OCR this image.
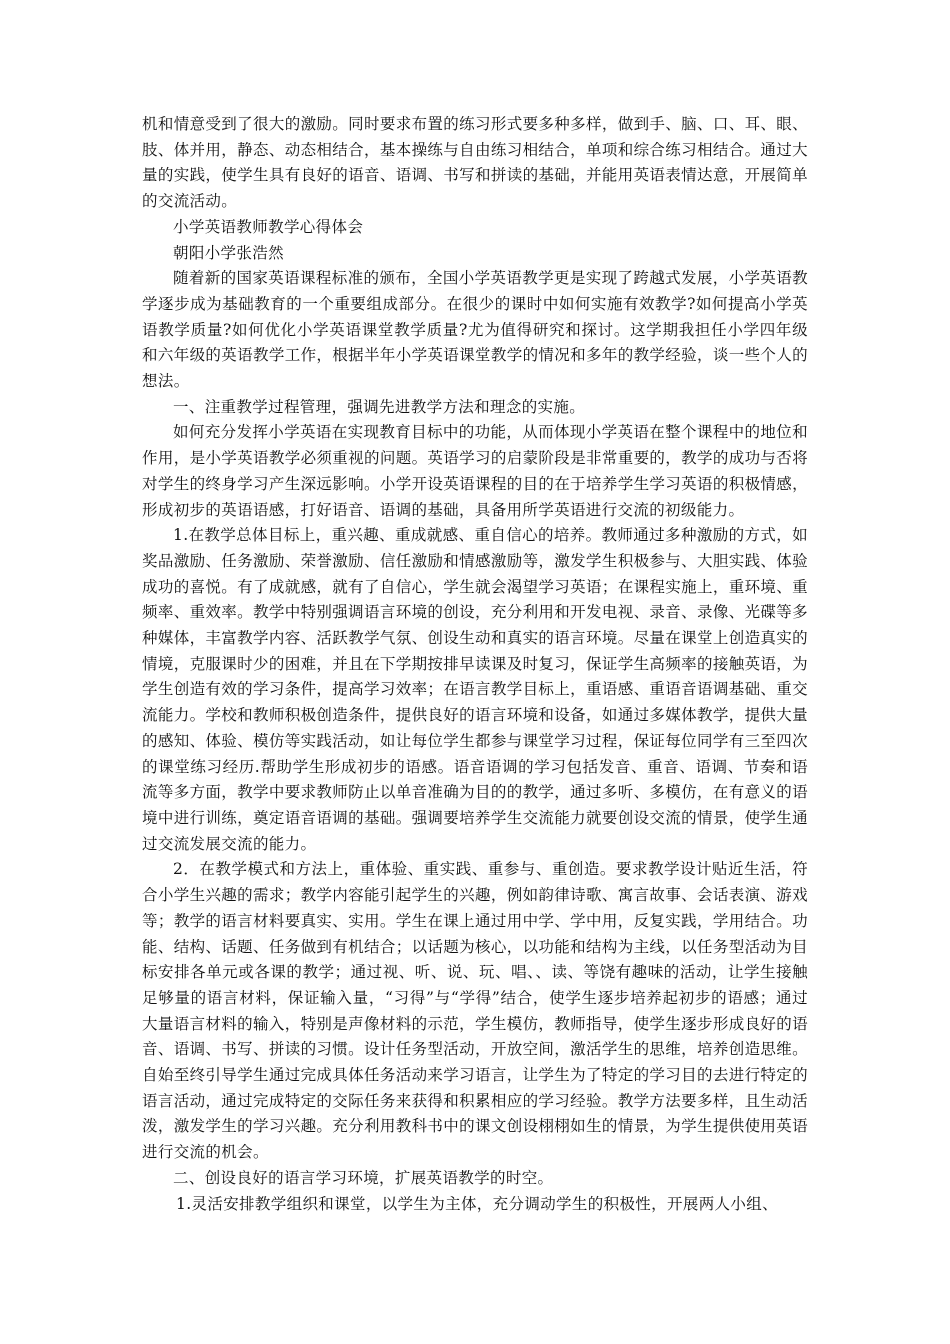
机和情意受到了很大的激励。同时要求布置的练习形式要多种多样，做到手、脑、口、耳、眼、肢、体并用，静态、动态相结合，基本操练与自由练习相结合，单项和综合练习相结合。通过大量的实践，使学生具有良好的语音、语调、书写和拼读的基础，并能用英语表情达意，开展简单的交流活动。

小学英语教师教学心得体会

朝阳小学张浩然

随着新的国家英语课程标准的颁布，全国小学英语教学更是实现了跨越式发展，小学英语教学逐步成为基础教育的一个重要组成部分。在很少的课时中如何实施有效教学?如何提高小学英语教学质量?如何优化小学英语课堂教学质量?尤为值得研究和探讨。这学期我担任小学四年级和六年级的英语教学工作，根据半年小学英语课堂教学的情况和多年的教学经验，谈一些个人的想法。

一、注重教学过程管理，强调先进教学方法和理念的实施。

如何充分发挥小学英语在实现教育目标中的功能，从而体现小学英语在整个课程中的地位和作用，是小学英语教学必须重视的问题。英语学习的启蒙阶段是非常重要的，教学的成功与否将对学生的终身学习产生深远影响。小学开设英语课程的目的在于培养学生学习英语的积极情感，形成初步的英语语感，打好语音、语调的基础，具备用所学英语进行交流的初级能力。

1.在教学总体目标上，重兴趣、重成就感、重自信心的培养。教师通过多种激励的方式，如奖品激励、任务激励、荣誉激励、信任激励和情感激励等，激发学生积极参与、大胆实践、体验成功的喜悦。有了成就感，就有了自信心，学生就会渴望学习英语；在课程实施上，重环境、重频率、重效率。教学中特别强调语言环境的创设，充分利用和开发电视、录音、录像、光碟等多种媒体，丰富教学内容、活跃教学气氛、创设生动和真实的语言环境。尽量在课堂上创造真实的情境，克服课时少的困难，并且在下学期按排早读课及时复习，保证学生高频率的接触英语，为学生创造有效的学习条件，提高学习效率；在语言教学目标上，重语感、重语音语调基础、重交流能力。学校和教师积极创造条件，提供良好的语言环境和设备，如通过多媒体教学，提供大量的感知、体验、模仿等实践活动，如让每位学生都参与课堂学习过程，保证每位同学有三至四次的课堂练习经历.帮助学生形成初步的语感。语音语调的学习包括发音、重音、语调、节奏和语流等多方面，教学中要求教师防止以单音准确为目的的教学，通过多听、多模仿，在有意义的语境中进行训练，奠定语音语调的基础。强调要培养学生交流能力就要创设交流的情景，使学生通过交流发展交流的能力。

2．在教学模式和方法上，重体验、重实践、重参与、重创造。要求教学设计贴近生活，符合小学生兴趣的需求；教学内容能引起学生的兴趣，例如韵律诗歌、寓言故事、会话表演、游戏等；教学的语言材料要真实、实用。学生在课上通过用中学、学中用，反复实践，学用结合。功能、结构、话题、任务做到有机结合；以话题为核心，以功能和结构为主线，以任务型活动为目标安排各单元或各课的教学；通过视、听、说、玩、唱、、读、等饶有趣味的活动，让学生接触足够量的语言材料，保证输入量，“习得”与“学得”结合，使学生逐步培养起初步的语感；通过大量语言材料的输入，特别是声像材料的示范，学生模仿，教师指导，使学生逐步形成良好的语音、语调、书写、拼读的习惯。设计任务型活动，开放空间，激活学生的思维，培养创造思维。自始至终引导学生通过完成具体任务活动来学习语言，让学生为了特定的学习目的去进行特定的语言活动，通过完成特定的交际任务来获得和积累相应的学习经验。教学方法要多样，且生动活泼，激发学生的学习兴趣。充分利用教科书中的课文创设栩栩如生的情景，为学生提供使用英语进行交流的机会。

二、创设良好的语言学习环境，扩展英语教学的时空。

1.灵活安排教学组织和课堂，以学生为主体，充分调动学生的积极性，开展两人小组、
